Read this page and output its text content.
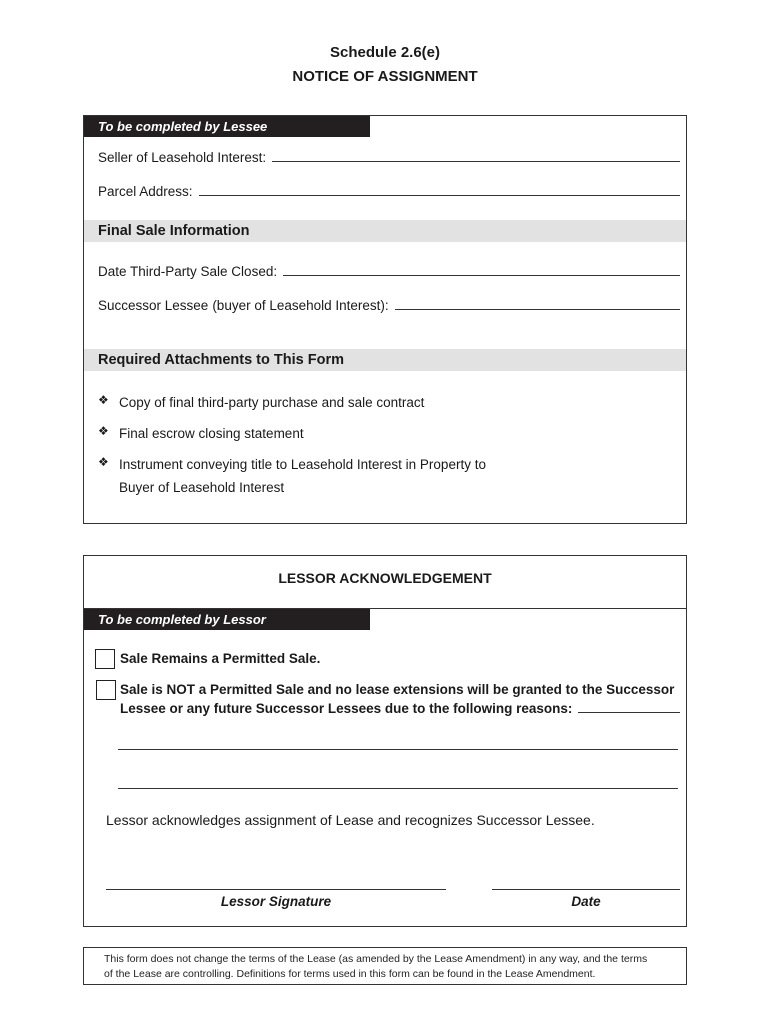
Schedule 2.6(e)
NOTICE OF ASSIGNMENT
To be completed by Lessee
Seller of Leasehold Interest:
Parcel Address:
Final Sale Information
Date Third-Party Sale Closed:
Successor Lessee (buyer of Leasehold Interest):
Required Attachments to This Form
❖ Copy of final third-party purchase and sale contract
❖ Final escrow closing statement
❖ Instrument conveying title to Leasehold Interest in Property to
Buyer of Leasehold Interest
LESSOR ACKNOWLEDGEMENT
To be completed by Lessor
Sale Remains a Permitted Sale.
Sale is NOT a Permitted Sale and no lease extensions will be granted to the Successor
Lessee or any future Successor Lessees due to the following reasons:
Lessor acknowledges assignment of Lease and recognizes Successor Lessee.
Lessor Signature	Date
This form does not change the terms of the Lease (as amended by the Lease Amendment) in any way, and the terms
of the Lease are controlling. Definitions for terms used in this form can be found in the Lease Amendment.
